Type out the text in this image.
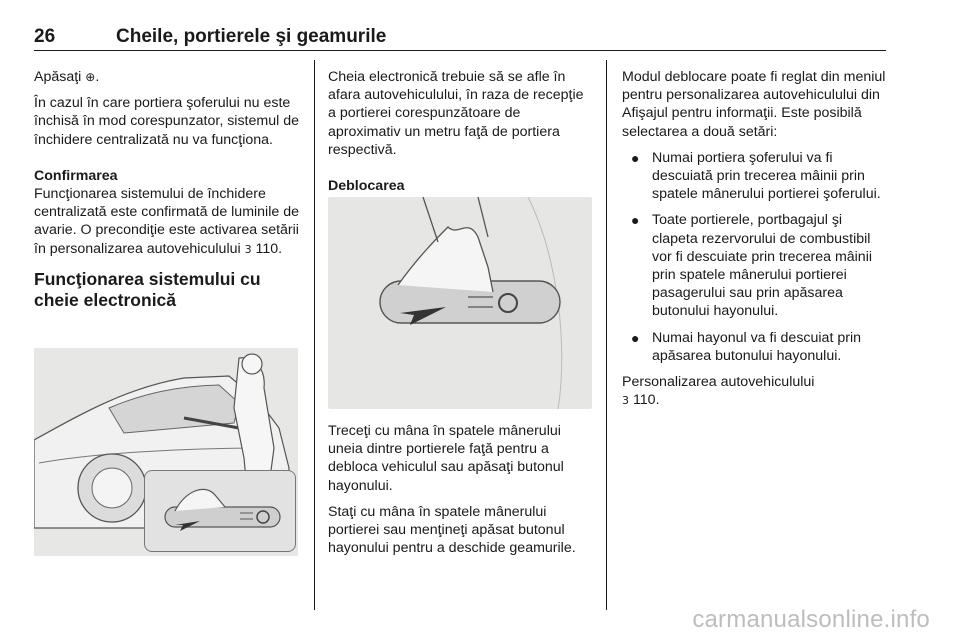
26	Cheile, portierele şi geamurile

Apăsaţi ⊕.

În cazul în care portiera şoferului nu este închisă în mod corespunzator, sistemul de închidere centralizată nu va funcţiona.

Confirmarea

Funcţionarea sistemului de închidere centralizată este confirmată de luminile de avarie. O precondiţie este activarea setării în personalizarea autovehiculului 3 110.

Funcţionarea sistemului cu cheie electronică

Cheia electronică trebuie să se afle în afara autovehiculului, în raza de recepţie a portierei corespunzătoare de aproximativ un metru faţă de portiera respectivă.

Deblocarea

Treceţi cu mâna în spatele mânerului uneia dintre portierele faţă pentru a debloca vehiculul sau apăsaţi butonul hayonului.

Staţi cu mâna în spatele mânerului portierei sau menţineţi apăsat butonul hayonului pentru a deschide geamurile.

Modul deblocare poate fi reglat din meniul pentru personalizarea autovehiculului din Afişajul pentru informaţii. Este posibilă selectarea a două setări:

● Numai portiera şoferului va fi descuiată prin trecerea mâinii prin spatele mânerului portierei şoferului.
● Toate portierele, portbagajul şi clapeta rezervorului de combustibil vor fi descuiate prin trecerea mâinii prin spatele mânerului portierei pasagerului sau prin apăsarea butonului hayonului.
● Numai hayonul va fi descuiat prin apăsarea butonului hayonului.

Personalizarea autovehiculului
3 110.

carmanualsonline.info
